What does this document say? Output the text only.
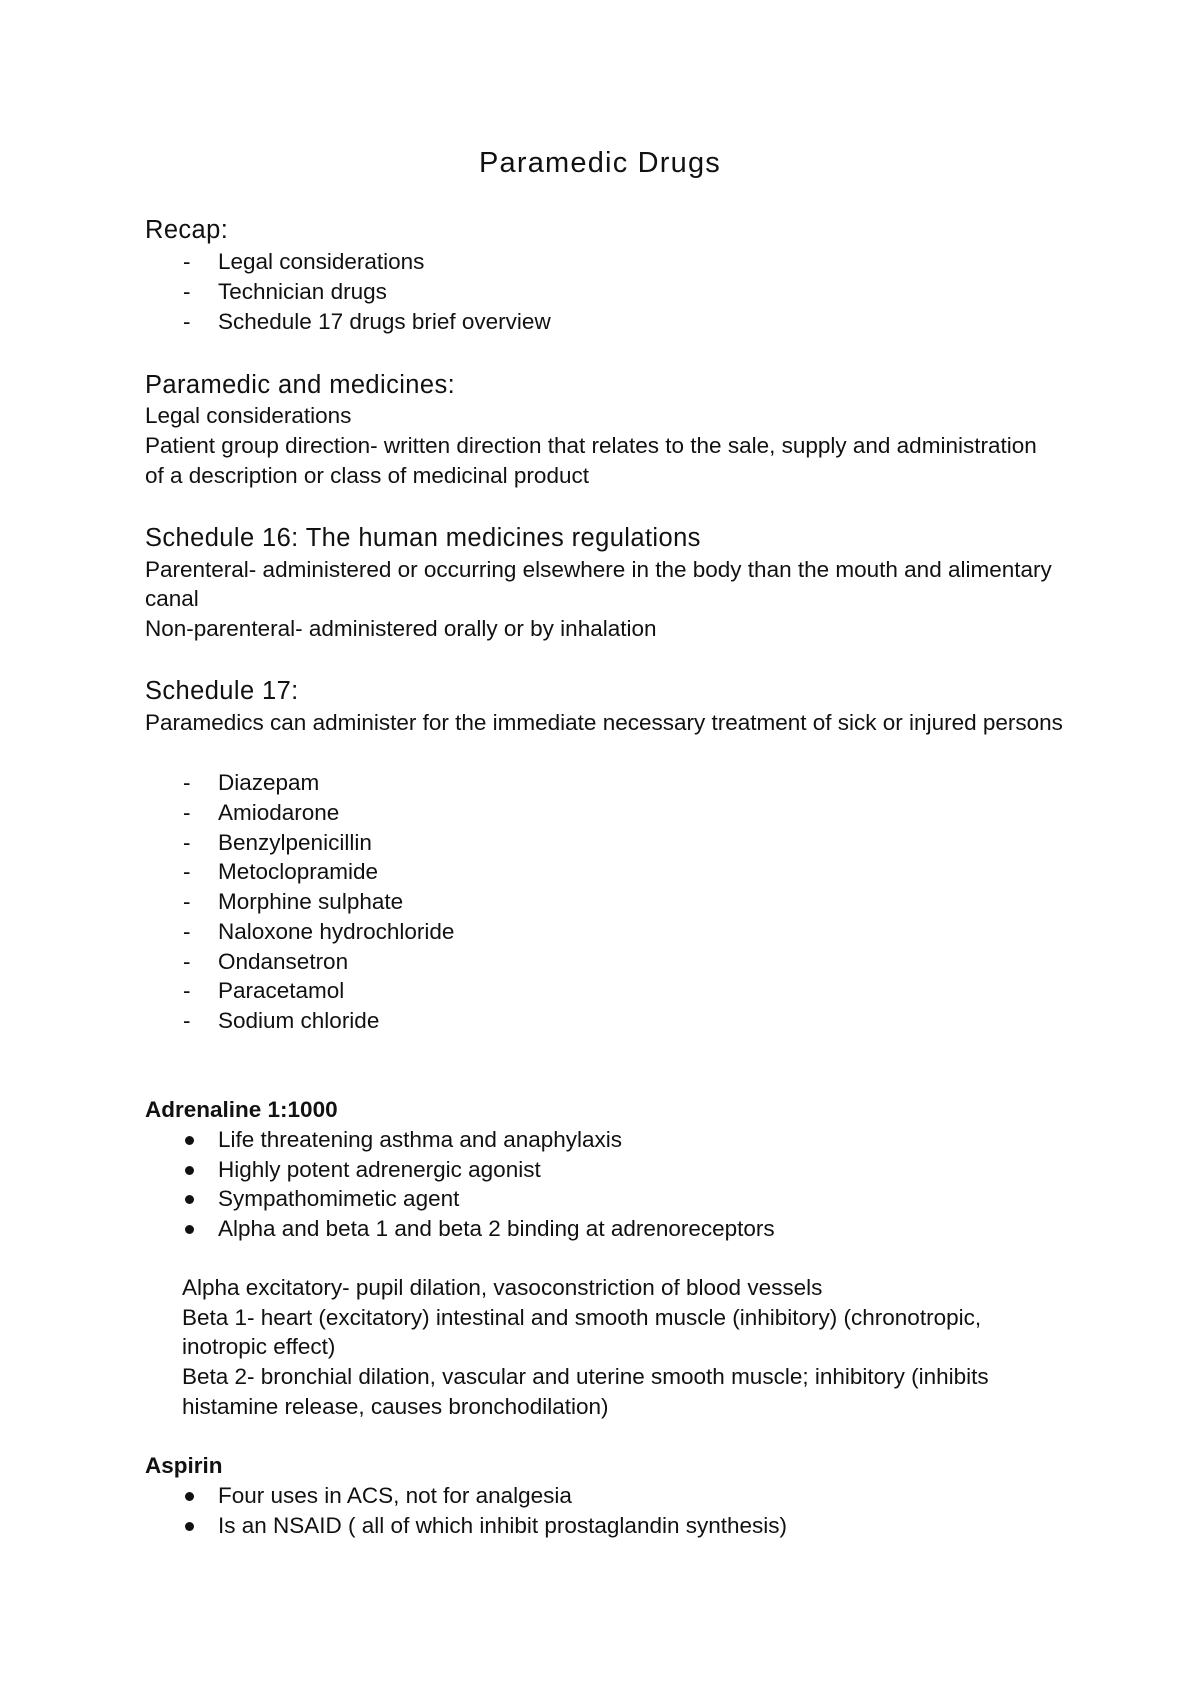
Paramedic Drugs
Recap:
- Legal considerations
- Technician drugs
- Schedule 17 drugs brief overview
Paramedic and medicines:
Legal considerations
Patient group direction- written direction that relates to the sale, supply and administration
of a description or class of medicinal product
Schedule 16: The human medicines regulations
Parenteral- administered or occurring elsewhere in the body than the mouth and alimentary
canal
Non-parenteral- administered orally or by inhalation
Schedule 17:
Paramedics can administer for the immediate necessary treatment of sick or injured persons
- Diazepam
- Amiodarone
- Benzylpenicillin
- Metoclopramide
- Morphine sulphate
- Naloxone hydrochloride
- Ondansetron
- Paracetamol
- Sodium chloride
Adrenaline 1:1000
Life threatening asthma and anaphylaxis
Highly potent adrenergic agonist
Sympathomimetic agent
Alpha and beta 1 and beta 2 binding at adrenoreceptors
Alpha excitatory- pupil dilation, vasoconstriction of blood vessels
Beta 1- heart (excitatory) intestinal and smooth muscle (inhibitory) (chronotropic,
inotropic effect)
Beta 2- bronchial dilation, vascular and uterine smooth muscle; inhibitory (inhibits
histamine release, causes bronchodilation)
Aspirin
Four uses in ACS, not for analgesia
Is an NSAID ( all of which inhibit prostaglandin synthesis)
